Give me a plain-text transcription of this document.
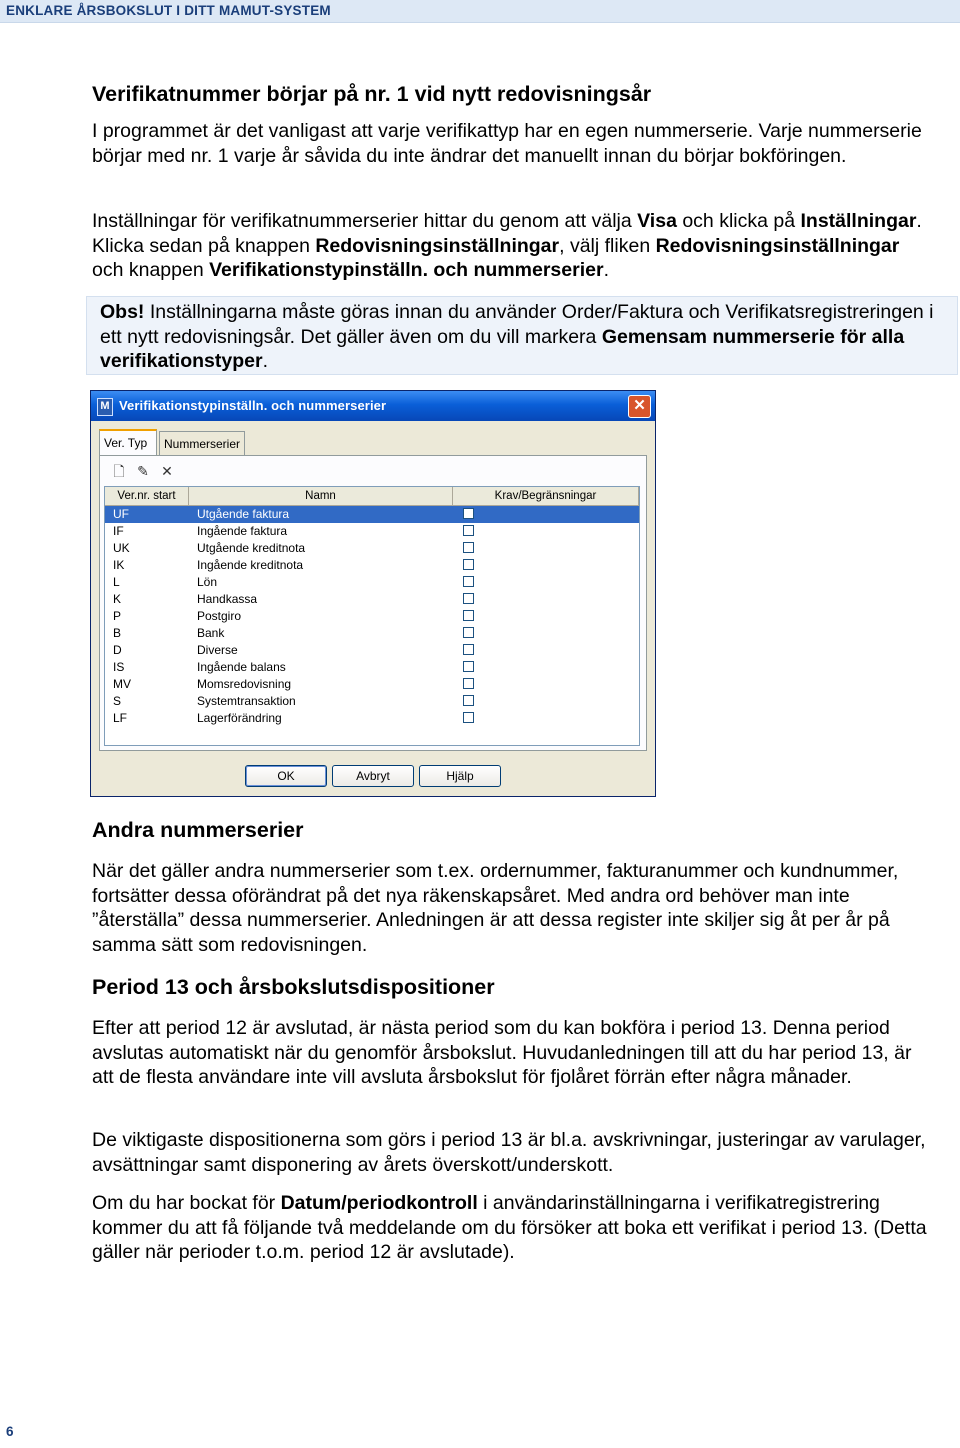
ENKLARE ÅRSBOKSLUT I DITT MAMUT-SYSTEM
Verifikatnummer börjar på nr. 1 vid nytt redovisningsår
I programmet är det vanligast att varje verifikattyp har en egen nummerserie. Varje nummerserie börjar med nr. 1 varje år såvida du inte ändrar det manuellt innan du börjar bokföringen.
Inställningar för verifikatnummerserier hittar du genom att välja Visa och klicka på Inställningar. Klicka sedan på knappen Redovisningsinställningar, välj fliken Redovisningsinställningar och knappen Verifikationstypinställn. och nummerserier.
Obs! Inställningarna måste göras innan du använder Order/Faktura och Verifikatsregistreringen i ett nytt redovisningsår. Det gäller även om du vill markera Gemensam nummerserie för alla verifikationstyper.
M Verifikationstypinställn. och nummerserier	✕
Ver. Typ	Nummerserier
🗋 ✎ ✕
Ver.nr. start	Namn	Krav/Begränsningar
UF	Utgående faktura
IF	Ingående faktura
UK	Utgående kreditnota
IK	Ingående kreditnota
L	Lön
K	Handkassa
P	Postgiro
B	Bank
D	Diverse
IS	Ingående balans
MV	Momsredovisning
S	Systemtransaktion
LF	Lagerförändring
OK	Avbryt	Hjälp
Andra nummerserier
När det gäller andra nummerserier som t.ex. ordernummer, fakturanummer och kundnummer, fortsätter dessa oförändrat på det nya räkenskapsåret. Med andra ord behöver man inte ”återställa” dessa nummerserier. Anledningen är att dessa register inte skiljer sig åt per år på samma sätt som redovisningen.
Period 13 och årsbokslutsdispositioner
Efter att period 12 är avslutad, är nästa period som du kan bokföra i period 13. Denna period avslutas automatiskt när du genomför årsbokslut. Huvudanledningen till att du har period 13, är att de flesta användare inte vill avsluta årsbokslut för fjolåret förrän efter några månader.
De viktigaste dispositionerna som görs i period 13 är bl.a. avskrivningar, justeringar av varulager, avsättningar samt disponering av årets överskott/underskott.
Om du har bockat för Datum/periodkontroll i användarinställningarna i verifikatregistrering kommer du att få följande två meddelande om du försöker att boka ett verifikat i period 13. (Detta gäller när perioder t.o.m. period 12 är avslutade).
6
